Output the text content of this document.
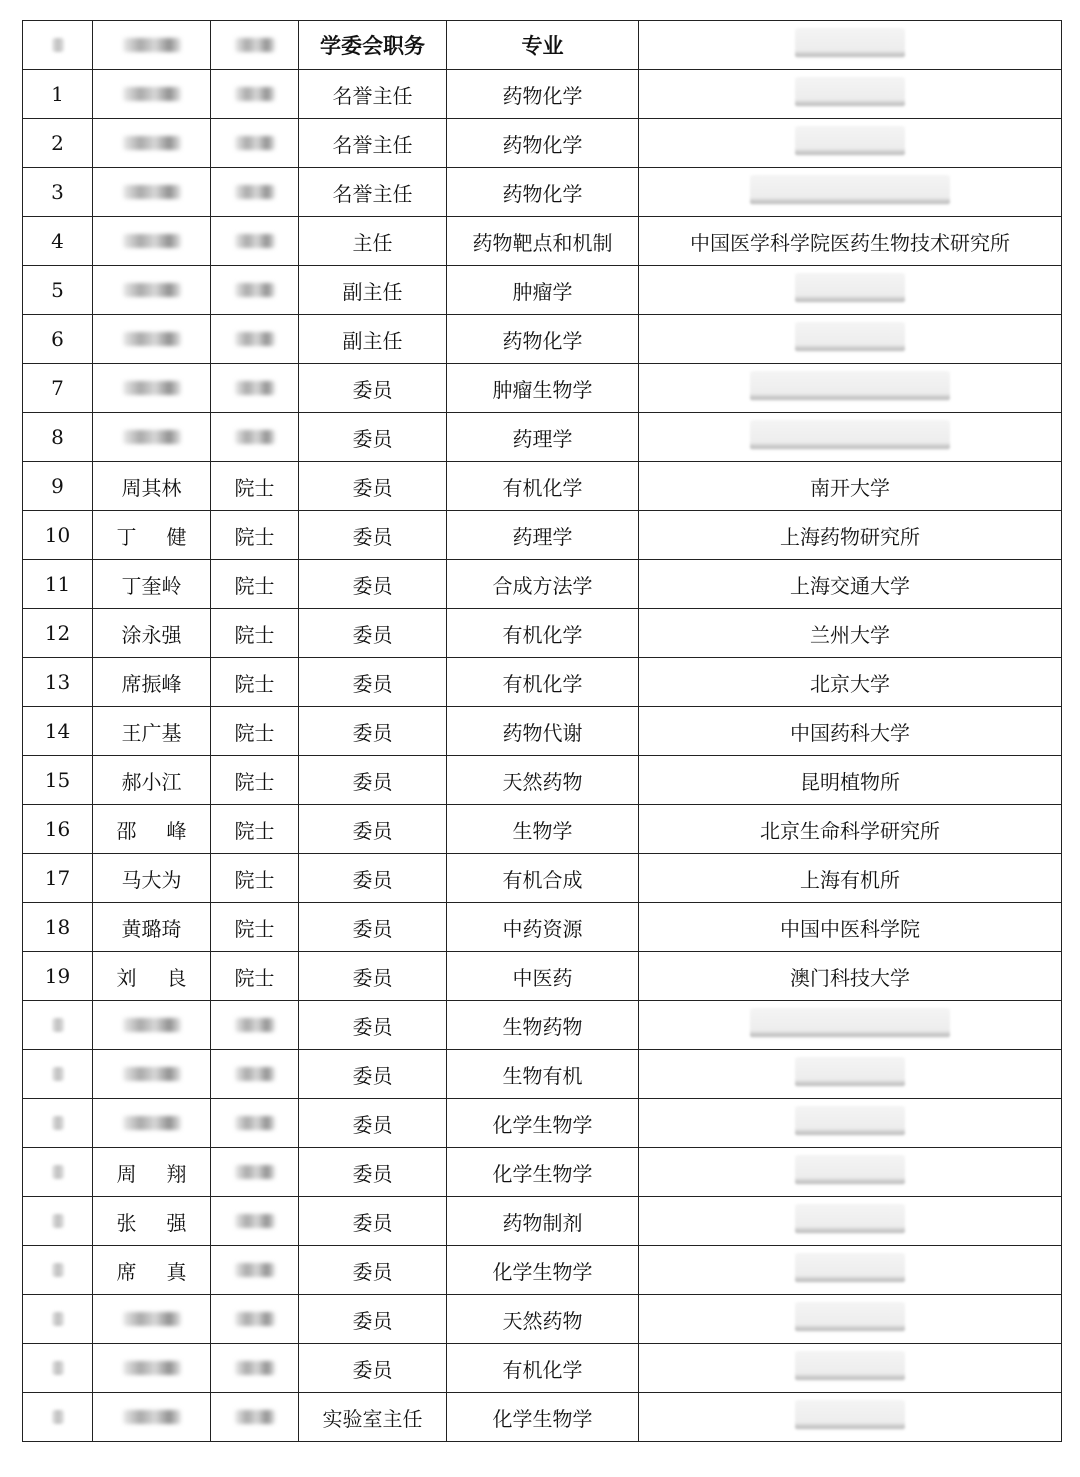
			学委会职务	专业	
1			名誉主任	药物化学	
2			名誉主任	药物化学	
3			名誉主任	药物化学	
4			主任	药物靶点和机制	中国医学科学院医药生物技术研究所
5			副主任	肿瘤学	
6			副主任	药物化学	
7			委员	肿瘤生物学	
8			委员	药理学	
9	周其林	院士	委员	有机化学	南开大学
10	丁　 健	院士	委员	药理学	上海药物研究所
11	丁奎岭	院士	委员	合成方法学	上海交通大学
12	涂永强	院士	委员	有机化学	兰州大学
13	席振峰	院士	委员	有机化学	北京大学
14	王广基	院士	委员	药物代谢	中国药科大学
15	郝小江	院士	委员	天然药物	昆明植物所
16	邵　 峰	院士	委员	生物学	北京生命科学研究所
17	马大为	院士	委员	有机合成	上海有机所
18	黄璐琦	院士	委员	中药资源	中国中医科学院
19	刘　 良	院士	委员	中医药	澳门科技大学
			委员	生物药物	
			委员	生物有机	
			委员	化学生物学	
	周　 翔		委员	化学生物学	
	张　 强		委员	药物制剂	
	席　 真		委员	化学生物学	
			委员	天然药物	
			委员	有机化学	
			实验室主任	化学生物学	
